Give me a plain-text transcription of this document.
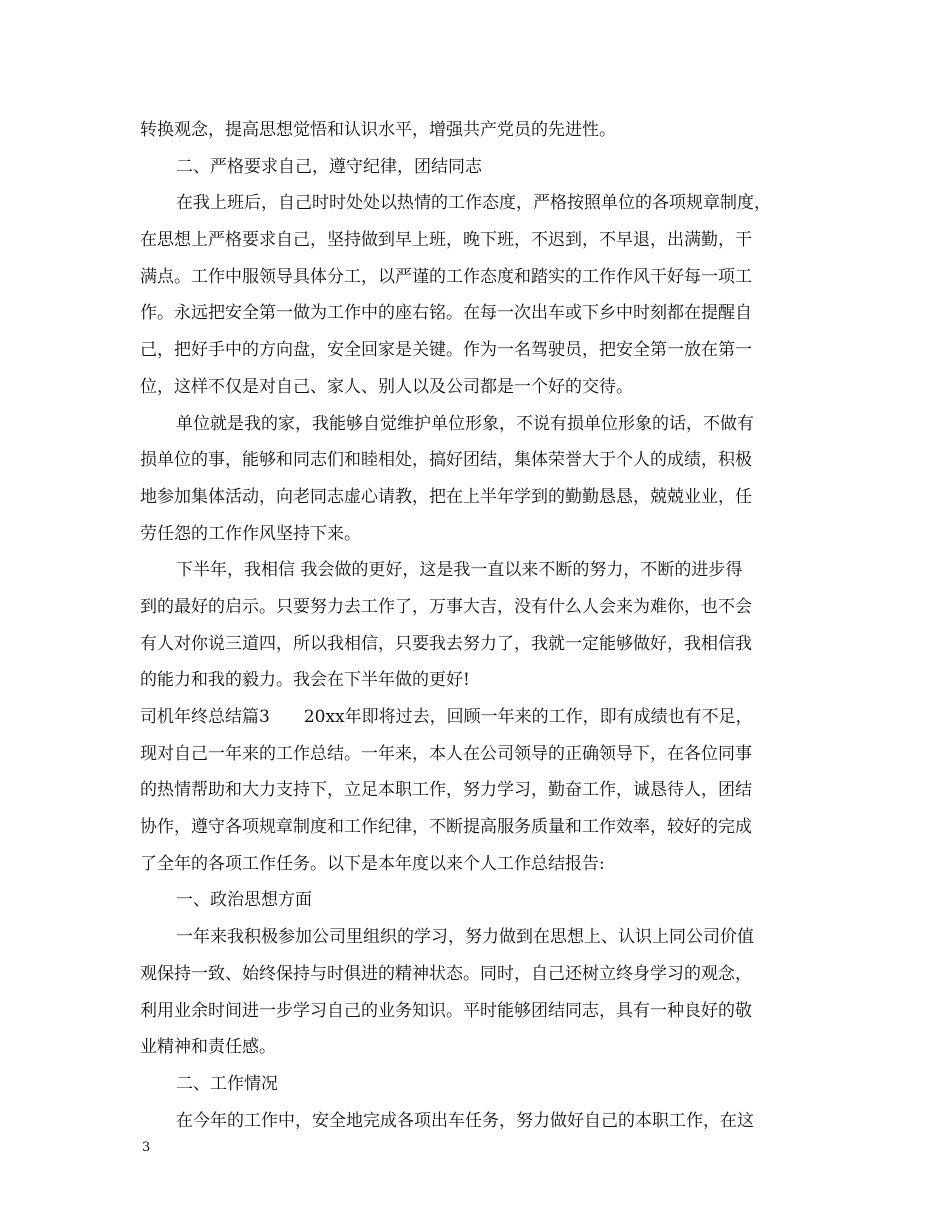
转换观念，提高思想觉悟和认识水平，增强共产党员的先进性。
二、严格要求自己，遵守纪律，团结同志
在我上班后，自己时时处处以热情的工作态度，严格按照单位的各项规章制度，
在思想上严格要求自己，坚持做到早上班，晚下班，不迟到，不早退，出满勤，干
满点。工作中服领导具体分工，以严谨的工作态度和踏实的工作作风干好每一项工
作。永远把安全第一做为工作中的座右铭。在每一次出车或下乡中时刻都在提醒自
己，把好手中的方向盘，安全回家是关键。作为一名驾驶员，把安全第一放在第一
位，这样不仅是对自己、家人、别人以及公司都是一个好的交待。
单位就是我的家，我能够自觉维护单位形象，不说有损单位形象的话，不做有
损单位的事，能够和同志们和睦相处，搞好团结，集体荣誉大于个人的成绩，积极
地参加集体活动，向老同志虚心请教，把在上半年学到的勤勤恳恳，兢兢业业，任
劳任怨的工作作风坚持下来。
下半年，我相信 我会做的更好，这是我一直以来不断的努力，不断的进步得
到的最好的启示。只要努力去工作了，万事大吉，没有什么人会来为难你，也不会
有人对你说三道四，所以我相信，只要我去努力了，我就一定能够做好，我相信我
的能力和我的毅力。我会在下半年做的更好!
司机年终总结篇3　　20xx年即将过去，回顾一年来的工作，即有成绩也有不足，
现对自己一年来的工作总结。一年来，本人在公司领导的正确领导下，在各位同事
的热情帮助和大力支持下，立足本职工作，努力学习，勤奋工作，诚恳待人，团结
协作，遵守各项规章制度和工作纪律，不断提高服务质量和工作效率，较好的完成
了全年的各项工作任务。以下是本年度以来个人工作总结报告:
一、政治思想方面
一年来我积极参加公司里组织的学习，努力做到在思想上、认识上同公司价值
观保持一致、始终保持与时俱进的精神状态。同时，自己还树立终身学习的观念，
利用业余时间进一步学习自己的业务知识。平时能够团结同志，具有一种良好的敬
业精神和责任感。
二、工作情况
在今年的工作中，安全地完成各项出车任务，努力做好自己的本职工作，在这
3
